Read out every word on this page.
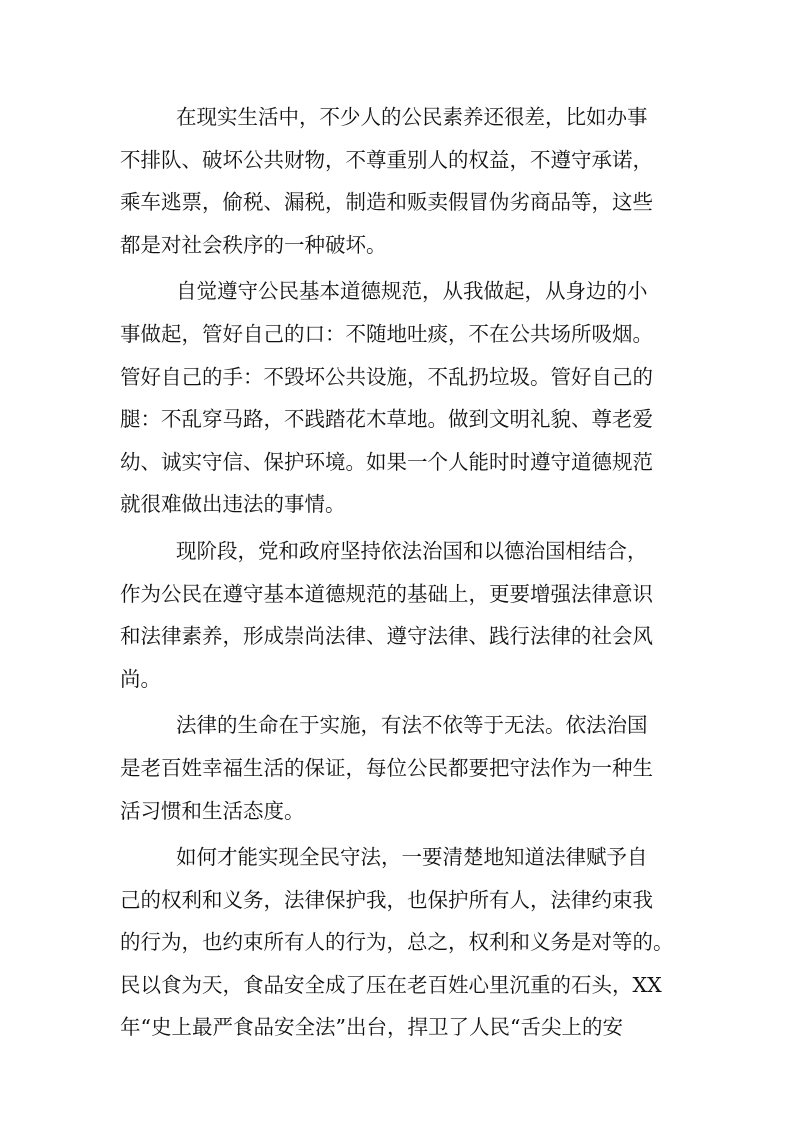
在现实生活中，不少人的公民素养还很差，比如办事
不排队、破坏公共财物，不尊重别人的权益，不遵守承诺，
乘车逃票，偷税、漏税，制造和贩卖假冒伪劣商品等，这些
都是对社会秩序的一种破坏。

自觉遵守公民基本道德规范，从我做起，从身边的小
事做起，管好自己的口：不随地吐痰，不在公共场所吸烟。
管好自己的手：不毁坏公共设施，不乱扔垃圾。管好自己的
腿：不乱穿马路，不践踏花木草地。做到文明礼貌、尊老爱
幼、诚实守信、保护环境。如果一个人能时时遵守道德规范
就很难做出违法的事情。

现阶段，党和政府坚持依法治国和以德治国相结合，
作为公民在遵守基本道德规范的基础上，更要增强法律意识
和法律素养，形成崇尚法律、遵守法律、践行法律的社会风
尚。

法律的生命在于实施，有法不依等于无法。依法治国
是老百姓幸福生活的保证，每位公民都要把守法作为一种生
活习惯和生活态度。

如何才能实现全民守法，一要清楚地知道法律赋予自
己的权利和义务，法律保护我，也保护所有人，法律约束我
的行为，也约束所有人的行为，总之，权利和义务是对等的。
民以食为天，食品安全成了压在老百姓心里沉重的石头，XX
年“史上最严食品安全法”出台，捍卫了人民“舌尖上的安
